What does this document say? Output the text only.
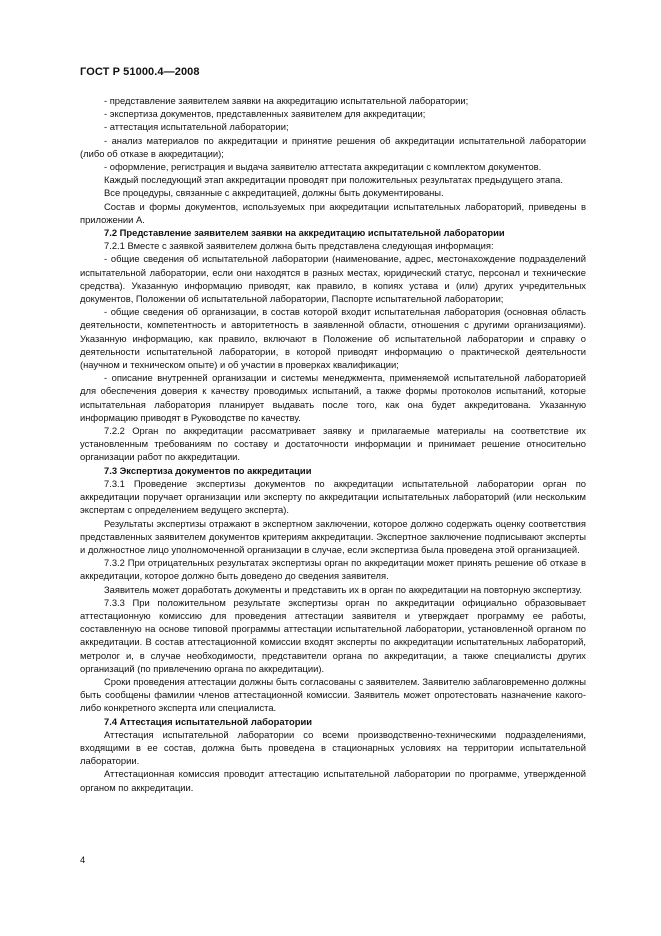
ГОСТ Р 51000.4—2008

- представление заявителем заявки на аккредитацию испытательной лаборатории;

- экспертиза документов, представленных заявителем для аккредитации;

- аттестация испытательной лаборатории;

- анализ материалов по аккредитации и принятие решения об аккредитации испытательной лаборатории (либо об отказе в аккредитации);

- оформление, регистрация и выдача заявителю аттестата аккредитации с комплектом документов.

Каждый последующий этап аккредитации проводят при положительных результатах предыдущего этапа.

Все процедуры, связанные с аккредитацией, должны быть документированы.

Состав и формы документов, используемых при аккредитации испытательных лабораторий, приведены в приложении А.

7.2 Представление заявителем заявки на аккредитацию испытательной лаборатории

7.2.1 Вместе с заявкой заявителем должна быть представлена следующая информация:

- общие сведения об испытательной лаборатории (наименование, адрес, местонахождение подразделений испытательной лаборатории, если они находятся в разных местах, юридический статус, персонал и технические средства). Указанную информацию приводят, как правило, в копиях устава и (или) других учредительных документов, Положении об испытательной лаборатории, Паспорте испытательной лаборатории;

- общие сведения об организации, в состав которой входит испытательная лаборатория (основная область деятельности, компетентность и авторитетность в заявленной области, отношения с другими организациями). Указанную информацию, как правило, включают в Положение об испытательной лаборатории и справку о деятельности испытательной лаборатории, в которой приводят информацию о практической деятельности (научном и техническом опыте) и об участии в проверках квалификации;

- описание внутренней организации и системы менеджмента, применяемой испытательной лабораторией для обеспечения доверия к качеству проводимых испытаний, а также формы протоколов испытаний, которые испытательная лаборатория планирует выдавать после того, как она будет аккредитована. Указанную информацию приводят в Руководстве по качеству.

7.2.2 Орган по аккредитации рассматривает заявку и прилагаемые материалы на соответствие их установленным требованиям по составу и достаточности информации и принимает решение относительно организации работ по аккредитации.

7.3 Экспертиза документов по аккредитации

7.3.1 Проведение экспертизы документов по аккредитации испытательной лаборатории орган по аккредитации поручает организации или эксперту по аккредитации испытательных лабораторий (или нескольким экспертам с определением ведущего эксперта).

Результаты экспертизы отражают в экспертном заключении, которое должно содержать оценку соответствия представленных заявителем документов критериям аккредитации. Экспертное заключение подписывают эксперты и должностное лицо уполномоченной организации в случае, если экспертиза была проведена этой организацией.

7.3.2 При отрицательных результатах экспертизы орган по аккредитации может принять решение об отказе в аккредитации, которое должно быть доведено до сведения заявителя.

Заявитель может доработать документы и представить их в орган по аккредитации на повторную экспертизу.

7.3.3 При положительном результате экспертизы орган по аккредитации официально образовывает аттестационную комиссию для проведения аттестации заявителя и утверждает программу ее работы, составленную на основе типовой программы аттестации испытательной лаборатории, установленной органом по аккредитации. В состав аттестационной комиссии входят эксперты по аккредитации испытательных лабораторий, метролог и, в случае необходимости, представители органа по аккредитации, а также специалисты других организаций (по привлечению органа по аккредитации).

Сроки проведения аттестации должны быть согласованы с заявителем. Заявителю заблаговременно должны быть сообщены фамилии членов аттестационной комиссии. Заявитель может опротестовать назначение какого-либо конкретного эксперта или специалиста.

7.4 Аттестация испытательной лаборатории

Аттестация испытательной лаборатории со всеми производственно-техническими подразделениями, входящими в ее состав, должна быть проведена в стационарных условиях на территории испытательной лаборатории.

Аттестационная комиссия проводит аттестацию испытательной лаборатории по программе, утвержденной органом по аккредитации.

4
